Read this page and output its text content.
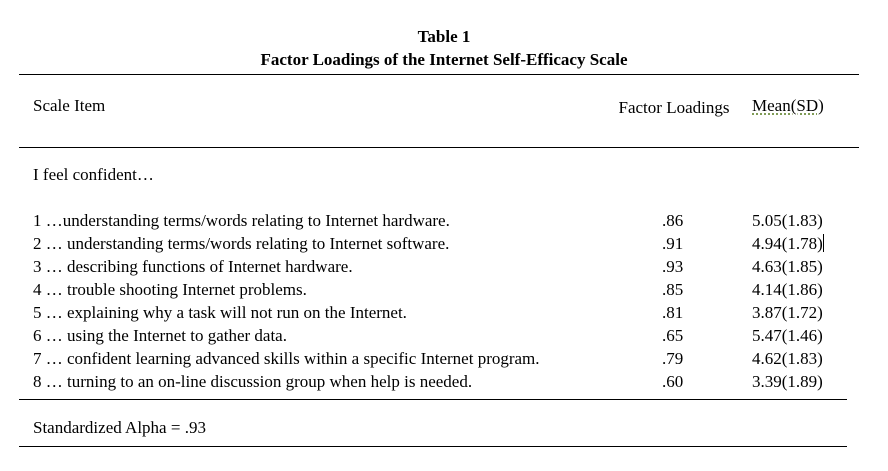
Table 1
Factor Loadings of the Internet Self-Efficacy Scale
Scale Item	Factor Loadings	Mean(SD)
I feel confident…
1 …understanding terms/words relating to Internet hardware.	.86	5.05(1.83)
2 … understanding terms/words relating to Internet software.	.91	4.94(1.78)
3 … describing functions of Internet hardware.	.93	4.63(1.85)
4 … trouble shooting Internet problems.	.85	4.14(1.86)
5 … explaining why a task will not run on the Internet.	.81	3.87(1.72)
6 … using the Internet to gather data.	.65	5.47(1.46)
7 … confident learning advanced skills within a specific Internet program.	.79	4.62(1.83)
8 … turning to an on-line discussion group when help is needed.	.60	3.39(1.89)
Standardized Alpha = .93
